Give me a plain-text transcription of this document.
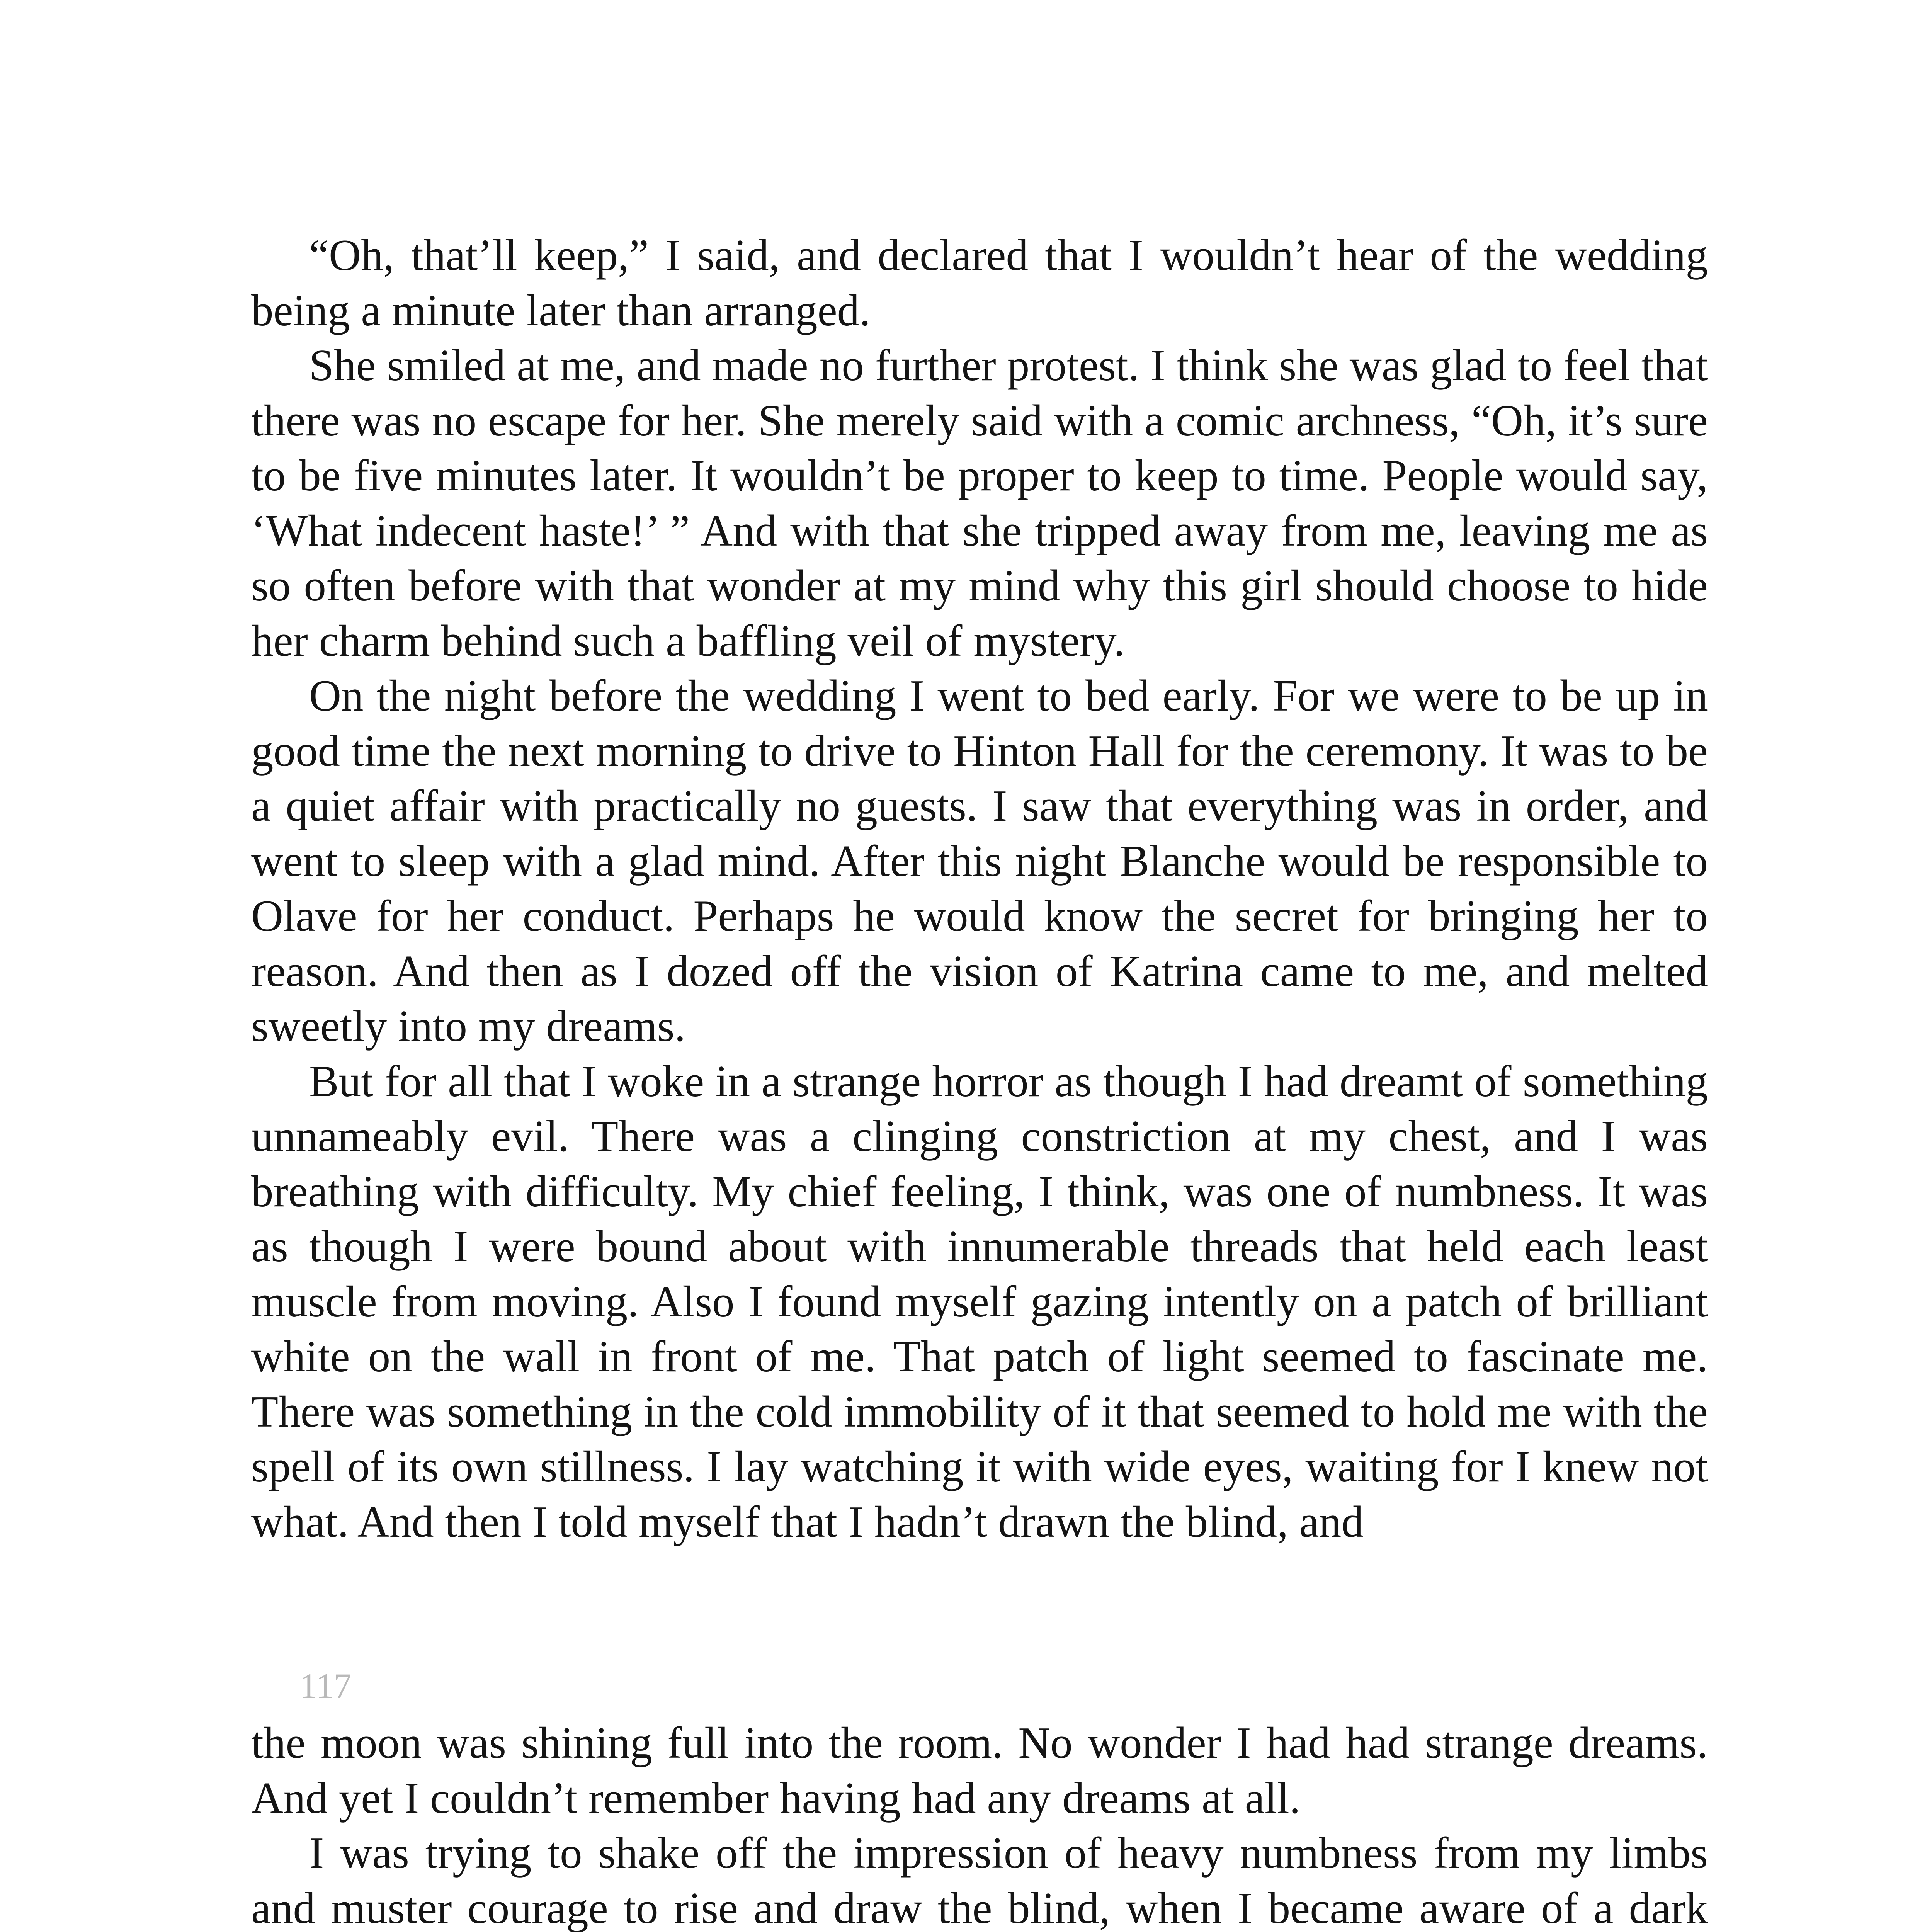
“Oh, that’ll keep,” I said, and declared that I wouldn’t hear of the wedding being a minute later than arranged.

She smiled at me, and made no further protest. I think she was glad to feel that there was no escape for her. She merely said with a comic archness, “Oh, it’s sure to be five minutes later. It wouldn’t be proper to keep to time. People would say, ‘What indecent haste!’ ” And with that she tripped away from me, leaving me as so often before with that wonder at my mind why this girl should choose to hide her charm behind such a baffling veil of mystery.

On the night before the wedding I went to bed early. For we were to be up in good time the next morning to drive to Hinton Hall for the ceremony. It was to be a quiet affair with practically no guests. I saw that everything was in order, and went to sleep with a glad mind. After this night Blanche would be responsible to Olave for her conduct. Perhaps he would know the secret for bringing her to reason. And then as I dozed off the vision of Katrina came to me, and melted sweetly into my dreams.

But for all that I woke in a strange horror as though I had dreamt of something unnameably evil. There was a clinging constriction at my chest, and I was breathing with difficulty. My chief feeling, I think, was one of numbness. It was as though I were bound about with innumerable threads that held each least muscle from moving. Also I found myself gazing intently on a patch of brilliant white on the wall in front of me. That patch of light seemed to fascinate me. There was something in the cold immobility of it that seemed to hold me with the spell of its own stillness. I lay watching it with wide eyes, waiting for I knew not what. And then I told myself that I hadn’t drawn the blind, and

117

the moon was shining full into the room. No wonder I had had strange dreams. And yet I couldn’t remember having had any dreams at all.

I was trying to shake off the impression of heavy numbness from my limbs and muster courage to rise and draw the blind, when I became aware of a dark
